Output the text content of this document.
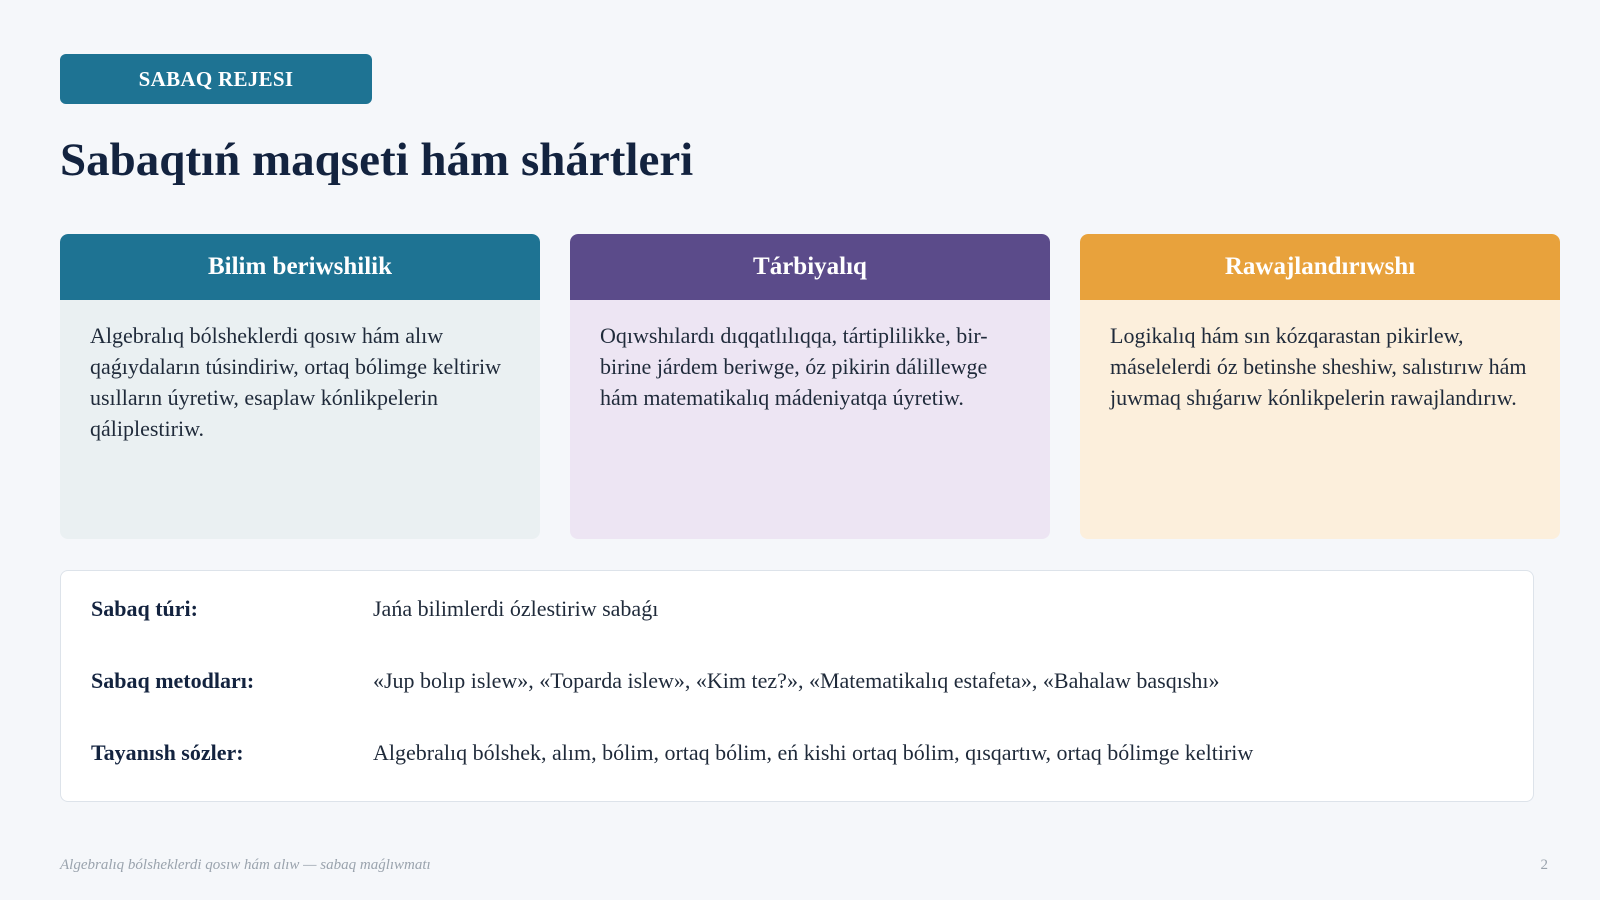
SABAQ REJESI
Sabaqtıń maqseti hám shártleri
Bilim beriwshilik
Algebralıq bólsheklerdi qosıw hám alıw qaǵıydaların túsindiriw, ortaq bólimge keltiriw usılların úyretiw, esaplaw kónlikpelerin qáliplestiriw.
Tárbiyalıq
Oqıwshılardı dıqqatlılıqqa, tártiplilikke, bir-birine járdem beriwge, óz pikirin dálillewge hám matematikalıq mádeniyatqa úyretiw.
Rawajlandırıwshı
Logikalıq hám sın kózqarastan pikirlew, máselelerdi óz betinshe sheshiw, salıstırıw hám juwmaq shıǵarıw kónlikpelerin rawajlandırıw.
Sabaq túri:	Jańa bilimlerdi ózlestiriw sabaǵı
Sabaq metodları:	«Jup bolıp islew», «Toparda islew», «Kim tez?», «Matematikalıq estafeta», «Bahalaw basqıshı»
Tayanısh sózler:	Algebralıq bólshek, alım, bólim, ortaq bólim, eń kishi ortaq bólim, qısqartıw, ortaq bólimge keltiriw
Algebralıq bólsheklerdi qosıw hám alıw — sabaq maǵlıwmatı	2
